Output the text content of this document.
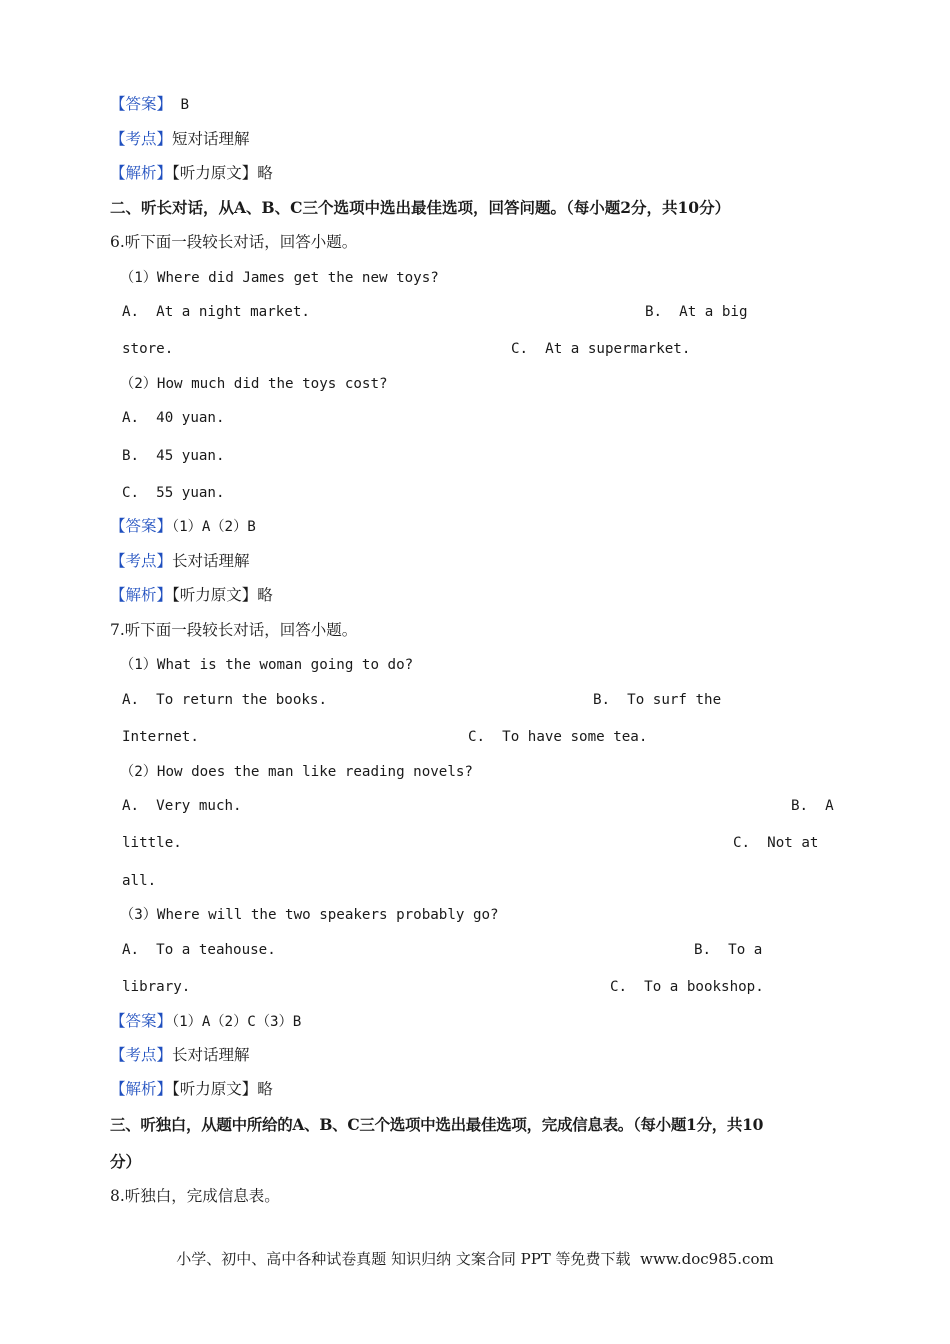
【答案】 B
【考点】短对话理解
【解析】【听力原文】略
二、听长对话，从A、B、C三个选项中选出最佳选项，回答问题。（每小题2分，共10分）
6.听下面一段较长对话，回答小题。
（1）Where did James get the new toys?
A.  At a night market.	B.  At a big
store.	C.  At a supermarket.
（2）How much did the toys cost?
A.  40 yuan.
B.  45 yuan.
C.  55 yuan.
【答案】（1）A（2）B
【考点】长对话理解
【解析】【听力原文】略
7.听下面一段较长对话，回答小题。
（1）What is the woman going to do?
A.  To return the books.	B.  To surf the
Internet.	C.  To have some tea.
（2）How does the man like reading novels?
A.  Very much.	B.  A
little.	C.  Not at
all.
（3）Where will the two speakers probably go?
A.  To a teahouse.	B.  To a
library.	C.  To a bookshop.
【答案】（1）A（2）C（3）B
【考点】长对话理解
【解析】【听力原文】略
三、听独白，从题中所给的A、B、C三个选项中选出最佳选项，完成信息表。（每小题1分，共10
分）
8.听独白，完成信息表。
小学、初中、高中各种试卷真题 知识归纳 文案合同 PPT 等免费下载  www.doc985.com
